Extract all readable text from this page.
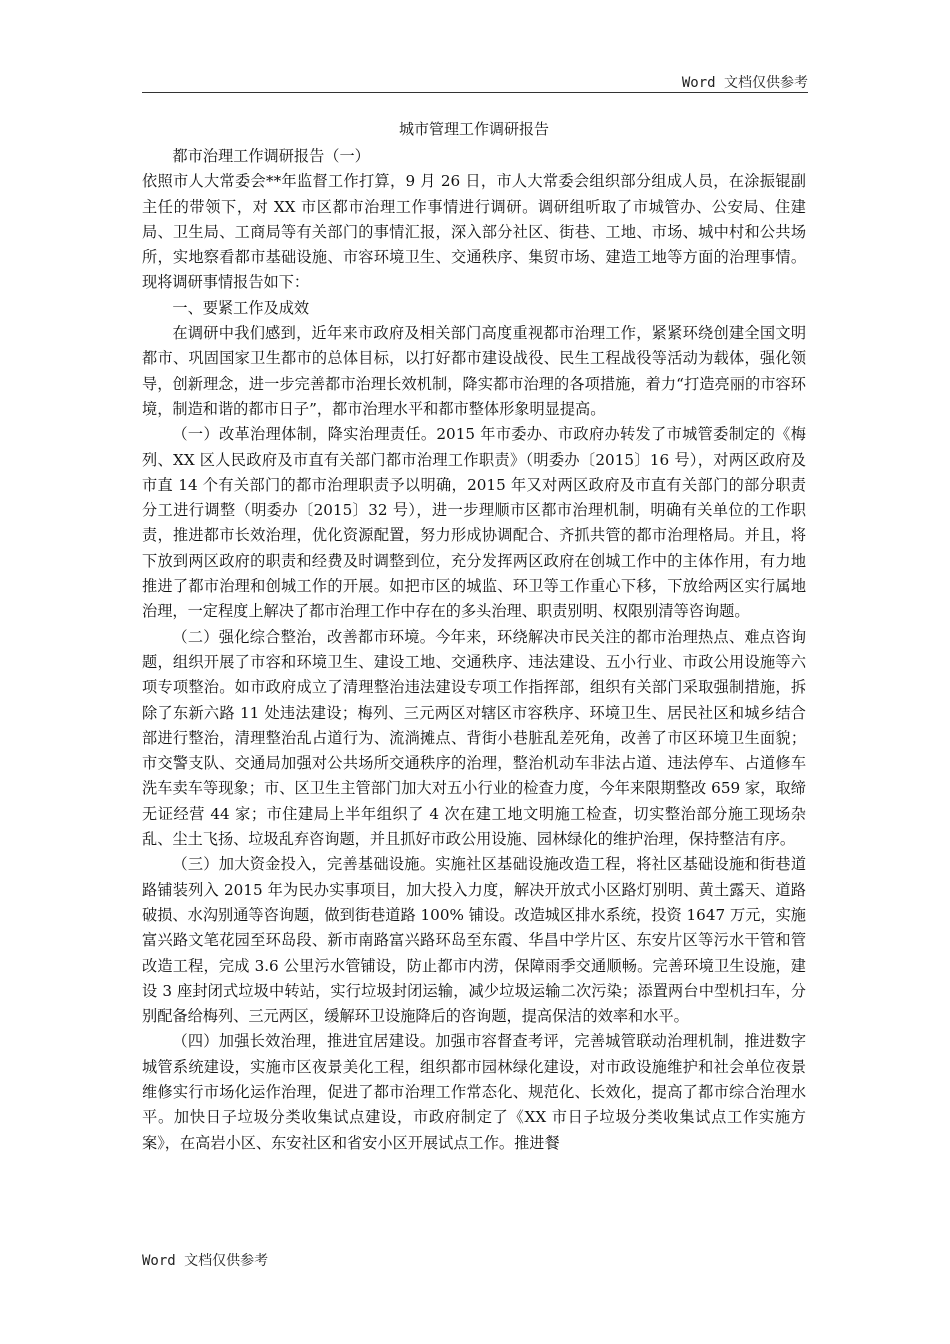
Word 文档仅供参考
城市管理工作调研报告

都市治理工作调研报告（一）

依照市人大常委会**年监督工作打算，9 月 26 日，市人大常委会组织部分组成人员，在涂振锟副主任的带领下，对 XX 市区都市治理工作事情进行调研。调研组听取了市城管办、公安局、住建局、卫生局、工商局等有关部门的事情汇报，深入部分社区、街巷、工地、市场、城中村和公共场所，实地察看都市基础设施、市容环境卫生、交通秩序、集贸市场、建造工地等方面的治理事情。现将调研事情报告如下：

一、要紧工作及成效

在调研中我们感到，近年来市政府及相关部门高度重视都市治理工作，紧紧环绕创建全国文明都市、巩固国家卫生都市的总体目标，以打好都市建设战役、民生工程战役等活动为载体，强化领导，创新理念，进一步完善都市治理长效机制，降实都市治理的各项措施，着力“打造亮丽的市容环境，制造和谐的都市日子”，都市治理水平和都市整体形象明显提高。

（一）改革治理体制，降实治理责任。2015 年市委办、市政府办转发了市城管委制定的《梅列、XX 区人民政府及市直有关部门都市治理工作职责》（明委办〔2015〕16 号），对两区政府及市直 14 个有关部门的都市治理职责予以明确，2015 年又对两区政府及市直有关部门的部分职责分工进行调整（明委办〔2015〕32 号），进一步理顺市区都市治理机制，明确有关单位的工作职责，推进都市长效治理，优化资源配置，努力形成协调配合、齐抓共管的都市治理格局。并且，将下放到两区政府的职责和经费及时调整到位，充分发挥两区政府在创城工作中的主体作用，有力地推进了都市治理和创城工作的开展。如把市区的城监、环卫等工作重心下移，下放给两区实行属地治理，一定程度上解决了都市治理工作中存在的多头治理、职责别明、权限别清等咨询题。

（二）强化综合整治，改善都市环境。今年来，环绕解决市民关注的都市治理热点、难点咨询题，组织开展了市容和环境卫生、建设工地、交通秩序、违法建设、五小行业、市政公用设施等六项专项整治。如市政府成立了清理整治违法建设专项工作指挥部，组织有关部门采取强制措施，拆除了东新六路 11 处违法建设；梅列、三元两区对辖区市容秩序、环境卫生、居民社区和城乡结合部进行整治，清理整治乱占道行为、流淌摊点、背街小巷脏乱差死角，改善了市区环境卫生面貌；市交警支队、交通局加强对公共场所交通秩序的治理，整治机动车非法占道、违法停车、占道修车洗车卖车等现象；市、区卫生主管部门加大对五小行业的检查力度，今年来限期整改 659 家，取缔无证经营 44 家；市住建局上半年组织了 4 次在建工地文明施工检查，切实整治部分施工现场杂乱、尘土飞扬、垃圾乱弃咨询题，并且抓好市政公用设施、园林绿化的维护治理，保持整洁有序。

（三）加大资金投入，完善基础设施。实施社区基础设施改造工程，将社区基础设施和街巷道路铺装列入 2015 年为民办实事项目，加大投入力度，解决开放式小区路灯别明、黄土露天、道路破损、水沟别通等咨询题，做到街巷道路 100% 铺设。改造城区排水系统，投资 1647 万元，实施富兴路文笔花园至环岛段、新市南路富兴路环岛至东霞、华昌中学片区、东安片区等污水干管和管改造工程，完成 3.6 公里污水管铺设，防止都市内涝，保障雨季交通顺畅。完善环境卫生设施，建设 3 座封闭式垃圾中转站，实行垃圾封闭运输，减少垃圾运输二次污染；添置两台中型机扫车，分别配备给梅列、三元两区，缓解环卫设施降后的咨询题，提高保洁的效率和水平。

（四）加强长效治理，推进宜居建设。加强市容督查考评，完善城管联动治理机制，推进数字城管系统建设，实施市区夜景美化工程，组织都市园林绿化建设，对市政设施维护和社会单位夜景维修实行市场化运作治理，促进了都市治理工作常态化、规范化、长效化，提高了都市综合治理水平。加快日子垃圾分类收集试点建设，市政府制定了《XX 市日子垃圾分类收集试点工作实施方案》，在高岩小区、东安社区和省安小区开展试点工作。推进餐

Word 文档仅供参考
